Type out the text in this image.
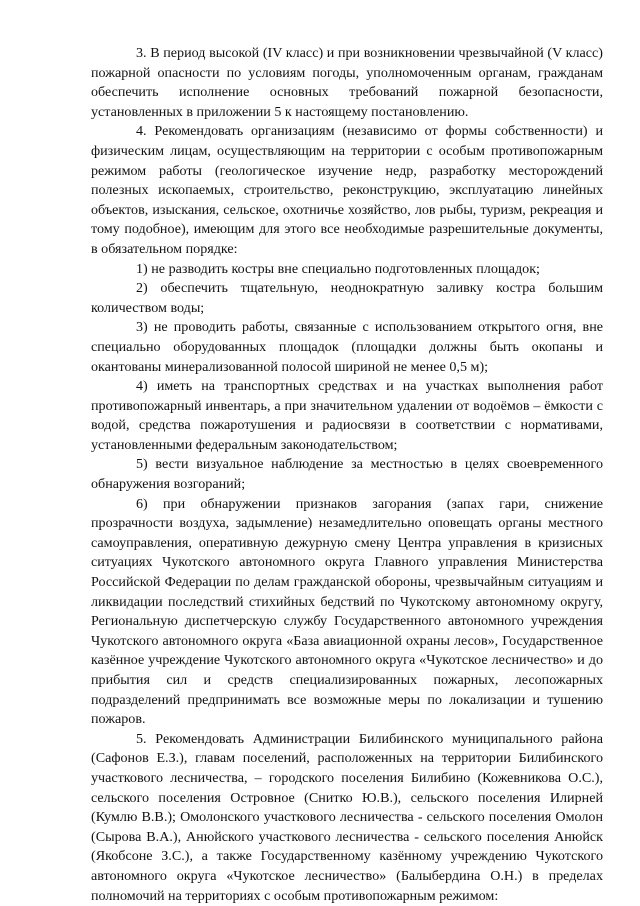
3. В период высокой (IV класс) и при возникновении чрезвычайной (V класс) пожарной опасности по условиям погоды, уполномоченным органам, гражданам обеспечить исполнение основных требований пожарной безопасности, установленных в приложении 5 к настоящему постановлению.

4. Рекомендовать организациям (независимо от формы собственности) и физическим лицам, осуществляющим на территории с особым противопожарным режимом работы (геологическое изучение недр, разработку месторождений полезных ископаемых, строительство, реконструкцию, эксплуатацию линейных объектов, изыскания, сельское, охотничье хозяйство, лов рыбы, туризм, рекреация и тому подобное), имеющим для этого все необходимые разрешительные документы, в обязательном порядке:

1) не разводить костры вне специально подготовленных площадок;

2) обеспечить тщательную, неоднократную заливку костра большим количеством воды;

3) не проводить работы, связанные с использованием открытого огня, вне специально оборудованных площадок (площадки должны быть окопаны и окантованы минерализованной полосой шириной не менее 0,5 м);

4) иметь на транспортных средствах и на участках выполнения работ противопожарный инвентарь, а при значительном удалении от водоёмов – ёмкости с водой, средства пожаротушения и радиосвязи в соответствии с нормативами, установленными федеральным законодательством;

5) вести визуальное наблюдение за местностью в целях своевременного обнаружения возгораний;

6) при обнаружении признаков загорания (запах гари, снижение прозрачности воздуха, задымление) незамедлительно оповещать органы местного самоуправления, оперативную дежурную смену Центра управления в кризисных ситуациях Чукотского автономного округа Главного управления Министерства Российской Федерации по делам гражданской обороны, чрезвычайным ситуациям и ликвидации последствий стихийных бедствий по Чукотскому автономному округу, Региональную диспетчерскую службу Государственного автономного учреждения Чукотского автономного округа «База авиационной охраны лесов», Государственное казённое учреждение Чукотского автономного округа «Чукотское лесничество» и до прибытия сил и средств специализированных пожарных, лесопожарных подразделений предпринимать все возможные меры по локализации и тушению пожаров.

5. Рекомендовать Администрации Билибинского муниципального района (Сафонов Е.З.), главам поселений, расположенных на территории Билибинского участкового лесничества, – городского поселения Билибино (Кожевникова О.С.), сельского поселения Островное (Снитко Ю.В.), сельского поселения Илирней (Кумлю В.В.); Омолонского участкового лесничества - сельского поселения Омолон (Сырова В.А.), Анюйского участкового лесничества - сельского поселения Анюйск (Якобсоне З.С.), а также Государственному казённому учреждению Чукотского автономного округа «Чукотское лесничество» (Балыбердина О.Н.) в пределах полномочий на территориях с особым противопожарным режимом:
